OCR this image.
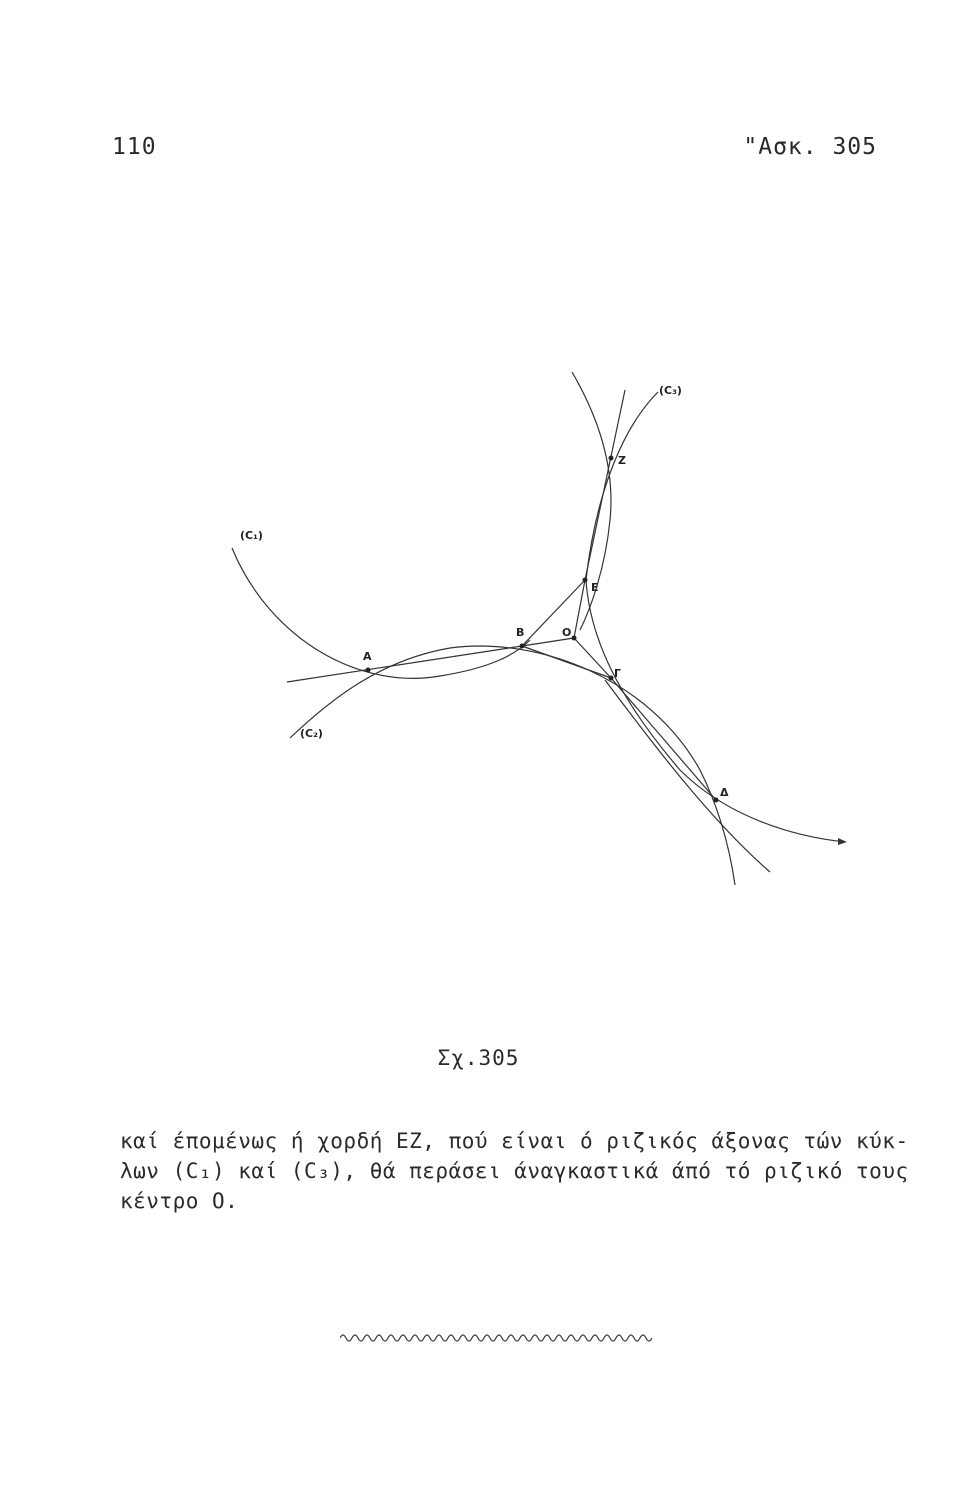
110	"Ασκ. 305
(C₃)
(C₁)
(C₂)
Z
E
B	O
A
Γ
Δ
Σχ.305
καί έπομένως ή χορδή ΕΖ, πού είναι ό ριζικός άξονας τών κύκ-
λων (C₁) καί (C₃), θά περάσει άναγκαστικά άπό τό ριζικό τους
κέντρο Ο.
